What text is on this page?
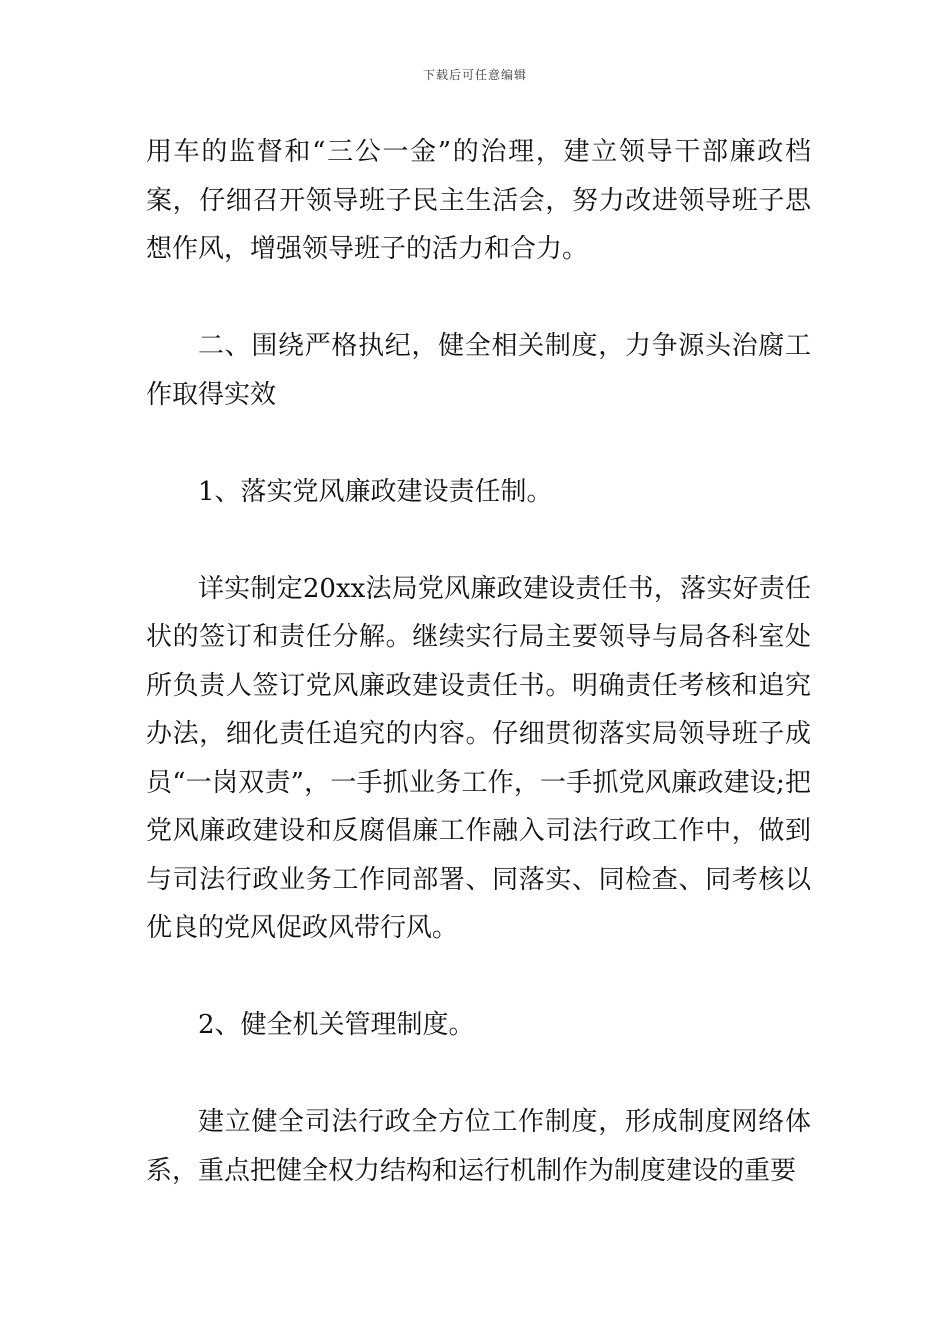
下载后可任意编辑

用车的监督和“三公一金”的治理，建立领导干部廉政档案，仔细召开领导班子民主生活会，努力改进领导班子思想作风，增强领导班子的活力和合力。

二、围绕严格执纪，健全相关制度，力争源头治腐工作取得实效

1、落实党风廉政建设责任制。

详实制定20xx法局党风廉政建设责任书，落实好责任状的签订和责任分解。继续实行局主要领导与局各科室处所负责人签订党风廉政建设责任书。明确责任考核和追究办法，细化责任追究的内容。仔细贯彻落实局领导班子成员“一岗双责”，一手抓业务工作，一手抓党风廉政建设;把党风廉政建设和反腐倡廉工作融入司法行政工作中，做到与司法行政业务工作同部署、同落实、同检查、同考核以优良的党风促政风带行风。

2、健全机关管理制度。

建立健全司法行政全方位工作制度，形成制度网络体系，重点把健全权力结构和运行机制作为制度建设的重要
